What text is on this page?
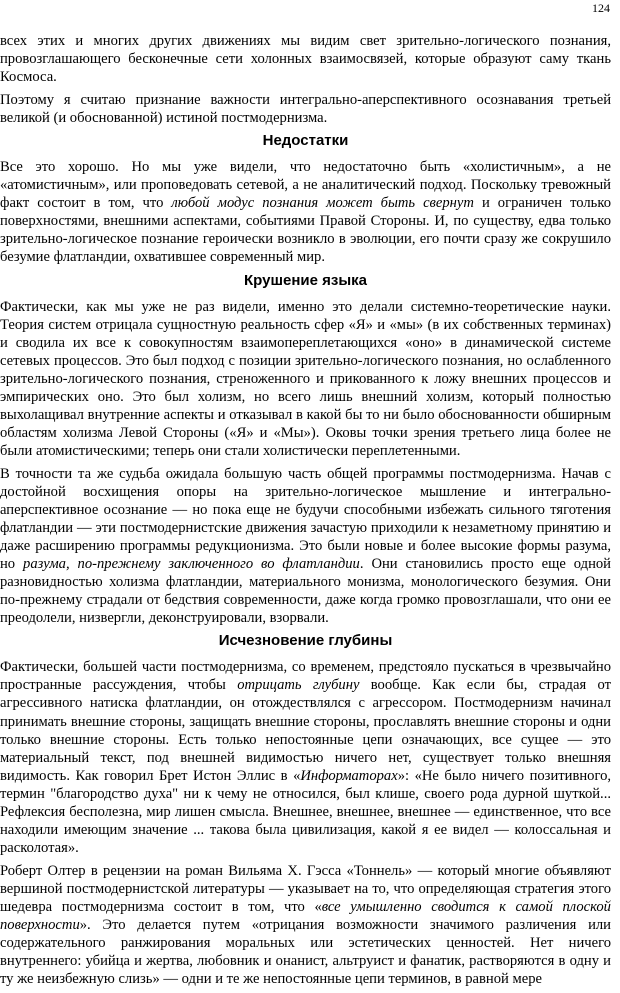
124

всех этих и многих других движениях мы видим свет зрительно-логического познания, провозглашающего бесконечные сети холонных взаимосвязей, которые образуют саму ткань Космоса.

Поэтому я считаю признание важности интегрально-аперспективного осознавания третьей великой (и обоснованной) истиной постмодернизма.

Недостатки

Все это хорошо. Но мы уже видели, что недостаточно быть «холистичным», а не «атомистичным», или проповедовать сетевой, а не аналитический подход. Поскольку тревожный факт состоит в том, что любой модус познания может быть свернут и ограничен только поверхностями, внешними аспектами, событиями Правой Стороны. И, по существу, едва только зрительно-логическое познание героически возникло в эволюции, его почти сразу же сокрушило безумие флатландии, охватившее современный мир.

Крушение языка

Фактически, как мы уже не раз видели, именно это делали системно-теоретические науки. Теория систем отрицала сущностную реальность сфер «Я» и «мы» (в их собственных терминах) и сводила их все к совокупностям взаимопереплетающихся «оно» в динамической системе сетевых процессов. Это был подход с позиции зрительно-логического познания, но ослабленного зрительно-логического познания, стреноженного и прикованного к ложу внешних процессов и эмпирических оно. Это был холизм, но всего лишь внешний холизм, который полностью выхолащивал внутренние аспекты и отказывал в какой бы то ни было обоснованности обширным областям холизма Левой Стороны («Я» и «Мы»). Оковы точки зрения третьего лица более не были атомистическими; теперь они стали холистически переплетенными.

В точности та же судьба ожидала большую часть общей программы постмодернизма. Начав с достойной восхищения опоры на зрительно-логическое мышление и интегрально-аперспективное осознание — но пока еще не будучи способными избежать сильного тяготения флатландии — эти постмодернистские движения зачастую приходили к незаметному принятию и даже расширению программы редукционизма. Это были новые и более высокие формы разума, но разума, по-прежнему заключенного во флатландии. Они становились просто еще одной разновидностью холизма флатландии, материального монизма, монологического безумия. Они по-прежнему страдали от бедствия современности, даже когда громко провозглашали, что они ее преодолели, низвергли, деконструировали, взорвали.

Исчезновение глубины

Фактически, большей части постмодернизма, со временем, предстояло пускаться в чрезвычайно пространные рассуждения, чтобы отрицать глубину вообще. Как если бы, страдая от агрессивного натиска флатландии, он отождествлялся с агрессором. Постмодернизм начинал принимать внешние стороны, защищать внешние стороны, прославлять внешние стороны и одни только внешние стороны. Есть только непостоянные цепи означающих, все сущее — это материальный текст, под внешней видимостью ничего нет, существует только внешняя видимость. Как говорил Брет Истон Эллис в «Информаторах»: «Не было ничего позитивного, термин "благородство духа" ни к чему не относился, был клише, своего рода дурной шуткой... Рефлексия бесполезна, мир лишен смысла. Внешнее, внешнее, внешнее — единственное, что все находили имеющим значение ... такова была цивилизация, какой я ее видел — колоссальная и расколотая».

Роберт Олтер в рецензии на роман Вильяма Х. Гэсса «Тоннель» — который многие объявляют вершиной постмодернистской литературы — указывает на то, что определяющая стратегия этого шедевра постмодернизма состоит в том, что «все умышленно сводится к самой плоской поверхности». Это делается путем «отрицания возможности значимого различения или содержательного ранжирования моральных или эстетических ценностей. Нет ничего внутреннего: убийца и жертва, любовник и онанист, альтруист и фанатик, растворяются в одну и ту же неизбежную слизь» — одни и те же непостоянные цепи терминов, в равной мере
